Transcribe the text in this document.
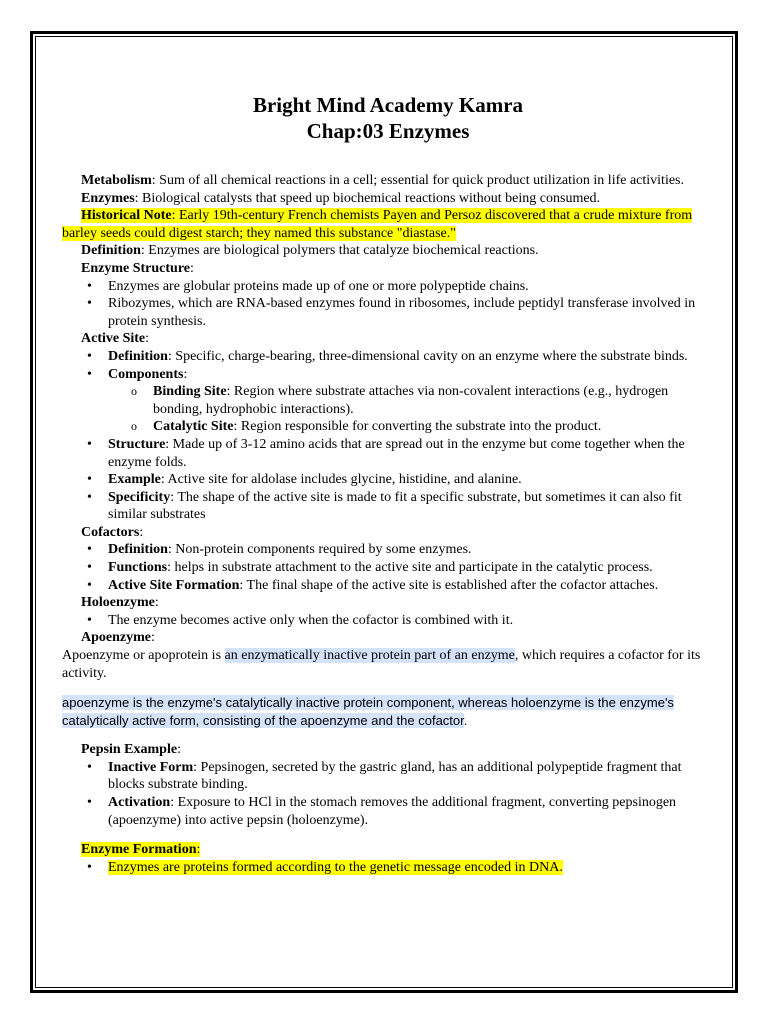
Bright Mind Academy Kamra
Chap:03 Enzymes

Metabolism: Sum of all chemical reactions in a cell; essential for quick product utilization in life activities.

Enzymes: Biological catalysts that speed up biochemical reactions without being consumed.

Historical Note: Early 19th-century French chemists Payen and Persoz discovered that a crude mixture from barley seeds could digest starch; they named this substance "diastase."

Definition: Enzymes are biological polymers that catalyze biochemical reactions.

Enzyme Structure:

• Enzymes are globular proteins made up of one or more polypeptide chains.
• Ribozymes, which are RNA-based enzymes found in ribosomes, include peptidyl transferase involved in protein synthesis.

Active Site:

• Definition: Specific, charge-bearing, three-dimensional cavity on an enzyme where the substrate binds.
• Components:
o Binding Site: Region where substrate attaches via non-covalent interactions (e.g., hydrogen bonding, hydrophobic interactions).
o Catalytic Site: Region responsible for converting the substrate into the product.
• Structure: Made up of 3-12 amino acids that are spread out in the enzyme but come together when the enzyme folds.
• Example: Active site for aldolase includes glycine, histidine, and alanine.
• Specificity: The shape of the active site is made to fit a specific substrate, but sometimes it can also fit similar substrates

Cofactors:

• Definition: Non-protein components required by some enzymes.
• Functions: helps in substrate attachment to the active site and participate in the catalytic process.
• Active Site Formation: The final shape of the active site is established after the cofactor attaches.

Holoenzyme:

• The enzyme becomes active only when the cofactor is combined with it.

Apoenzyme:

Apoenzyme or apoprotein is an enzymatically inactive protein part of an enzyme, which requires a cofactor for its activity.

apoenzyme is the enzyme's catalytically inactive protein component, whereas holoenzyme is the enzyme's catalytically active form, consisting of the apoenzyme and the cofactor.

Pepsin Example:

• Inactive Form: Pepsinogen, secreted by the gastric gland, has an additional polypeptide fragment that blocks substrate binding.
• Activation: Exposure to HCl in the stomach removes the additional fragment, converting pepsinogen (apoenzyme) into active pepsin (holoenzyme).

Enzyme Formation:

• Enzymes are proteins formed according to the genetic message encoded in DNA.
